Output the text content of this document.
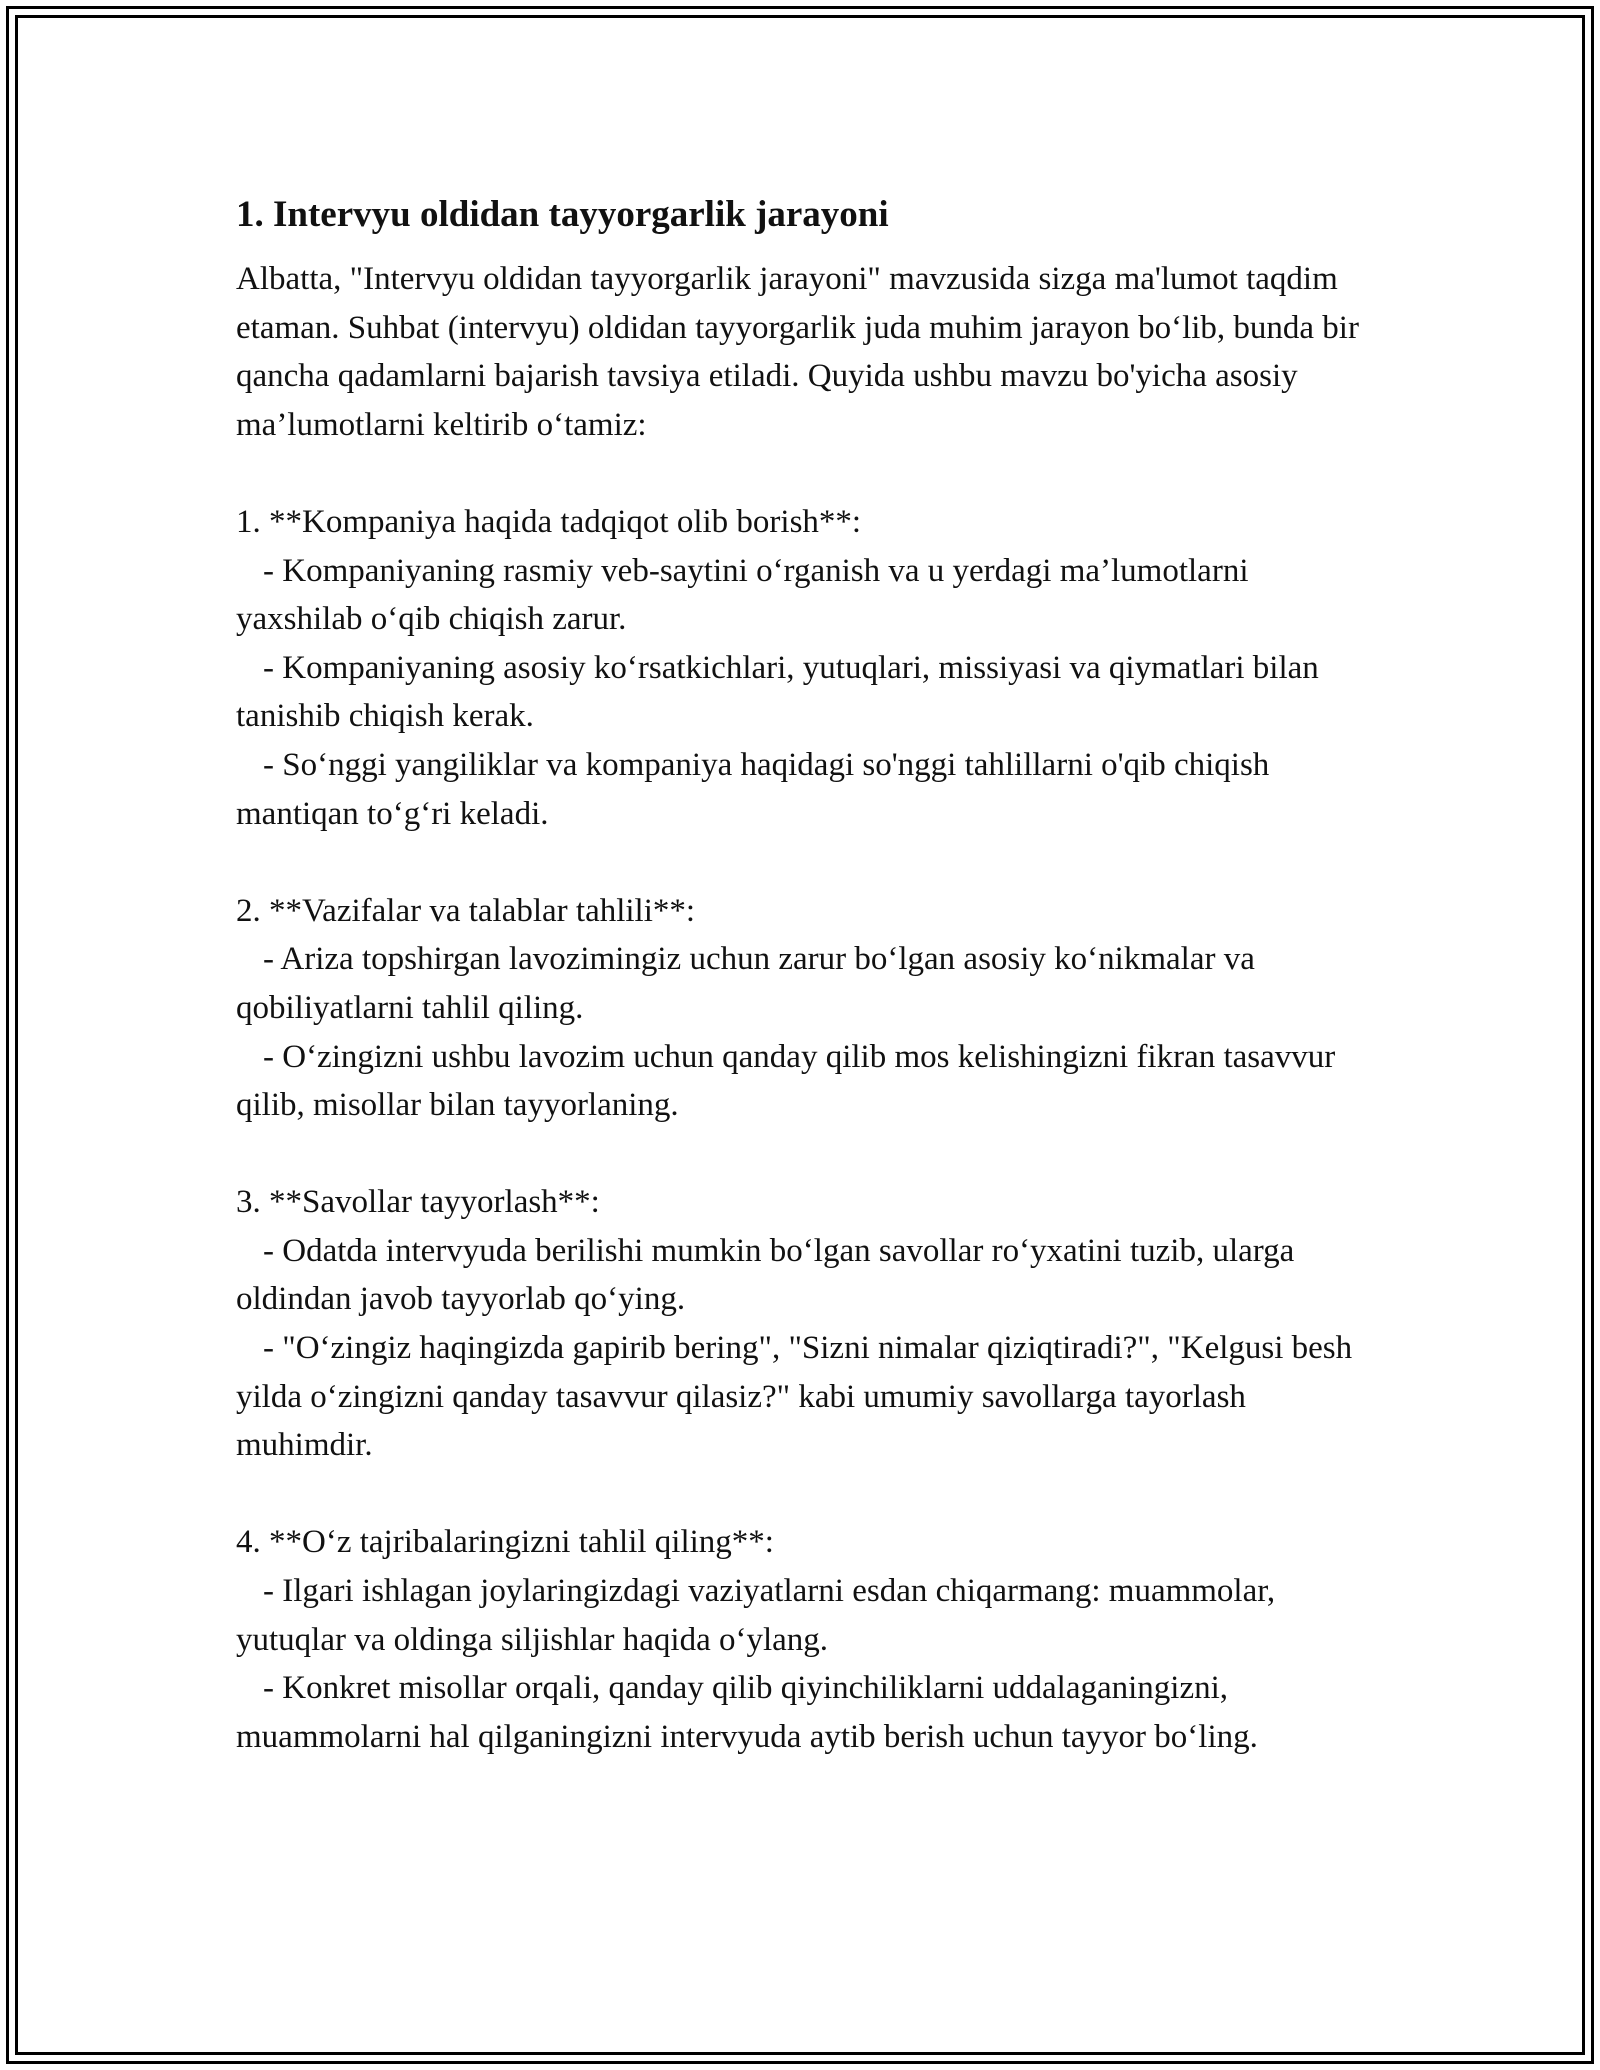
1. Intervyu oldidan tayyorgarlik jarayoni

Albatta, "Intervyu oldidan tayyorgarlik jarayoni" mavzusida sizga ma'lumot taqdim etaman. Suhbat (intervyu) oldidan tayyorgarlik juda muhim jarayon bo‘lib, bunda bir qancha qadamlarni bajarish tavsiya etiladi. Quyida ushbu mavzu bo'yicha asosiy ma’lumotlarni keltirib o‘tamiz:

1. **Kompaniya haqida tadqiqot olib borish**:

- Kompaniyaning rasmiy veb-saytini o‘rganish va u yerdagi ma’lumotlarni yaxshilab o‘qib chiqish zarur.

- Kompaniyaning asosiy ko‘rsatkichlari, yutuqlari, missiyasi va qiymatlari bilan tanishib chiqish kerak.

- So‘nggi yangiliklar va kompaniya haqidagi so'nggi tahlillarni o'qib chiqish mantiqan to‘g‘ri keladi.

2. **Vazifalar va talablar tahlili**:

- Ariza topshirgan lavozimingiz uchun zarur bo‘lgan asosiy ko‘nikmalar va qobiliyatlarni tahlil qiling.

- O‘zingizni ushbu lavozim uchun qanday qilib mos kelishingizni fikran tasavvur qilib, misollar bilan tayyorlaning.

3. **Savollar tayyorlash**:

- Odatda intervyuda berilishi mumkin bo‘lgan savollar ro‘yxatini tuzib, ularga oldindan javob tayyorlab qo‘ying.

- "O‘zingiz haqingizda gapirib bering", "Sizni nimalar qiziqtiradi?", "Kelgusi besh yilda o‘zingizni qanday tasavvur qilasiz?" kabi umumiy savollarga tayorlash muhimdir.

4. **O‘z tajribalaringizni tahlil qiling**:

- Ilgari ishlagan joylaringizdagi vaziyatlarni esdan chiqarmang: muammolar, yutuqlar va oldinga siljishlar haqida o‘ylang.

- Konkret misollar orqali, qanday qilib qiyinchiliklarni uddalaganingizni, muammolarni hal qilganingizni intervyuda aytib berish uchun tayyor bo‘ling.
